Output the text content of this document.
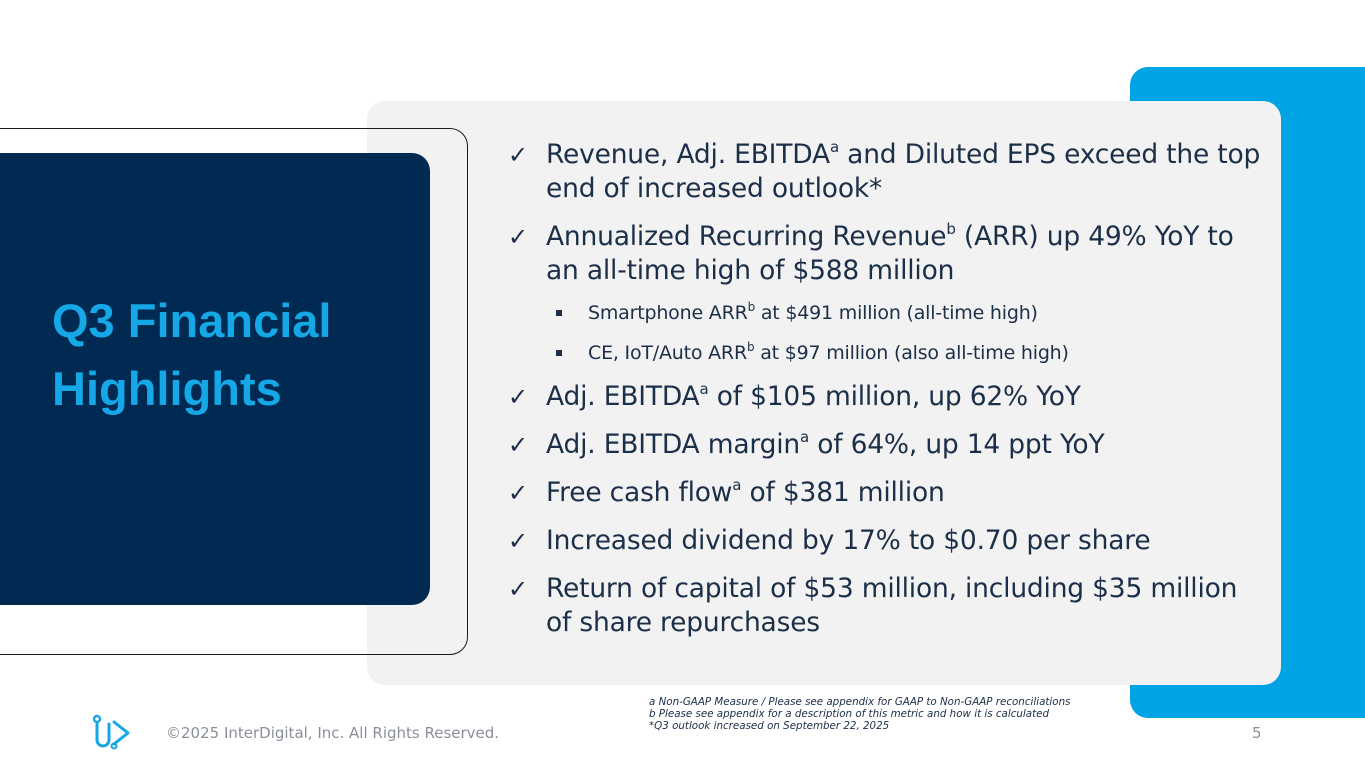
Q3 Financial
Highlights
✓ Revenue, Adj. EBITDA$^a$ and Diluted EPS exceed the top end of increased outlook*
✓ Annualized Recurring Revenue$^b$ (ARR) up 49% YoY to an all-time high of $588 million
Smartphone ARR$^b$ at $491 million (all-time high)
CE, IoT/Auto ARR$^b$ at $97 million (also all-time high)
✓ Adj. EBITDA$^a$ of $105 million, up 62% YoY
✓ Adj. EBITDA margin$^a$ of 64%, up 14 ppt YoY
✓ Free cash flow$^a$ of $381 million
✓ Increased dividend by 17% to $0.70 per share
✓ Return of capital of $53 million, including $35 million of share repurchases
a Non-GAAP Measure / Please see appendix for GAAP to Non-GAAP reconciliations
b Please see appendix for a description of this metric and how it is calculated
*Q3 outlook increased on September 22, 2025
©2025 InterDigital, Inc. All Rights Reserved.	5
